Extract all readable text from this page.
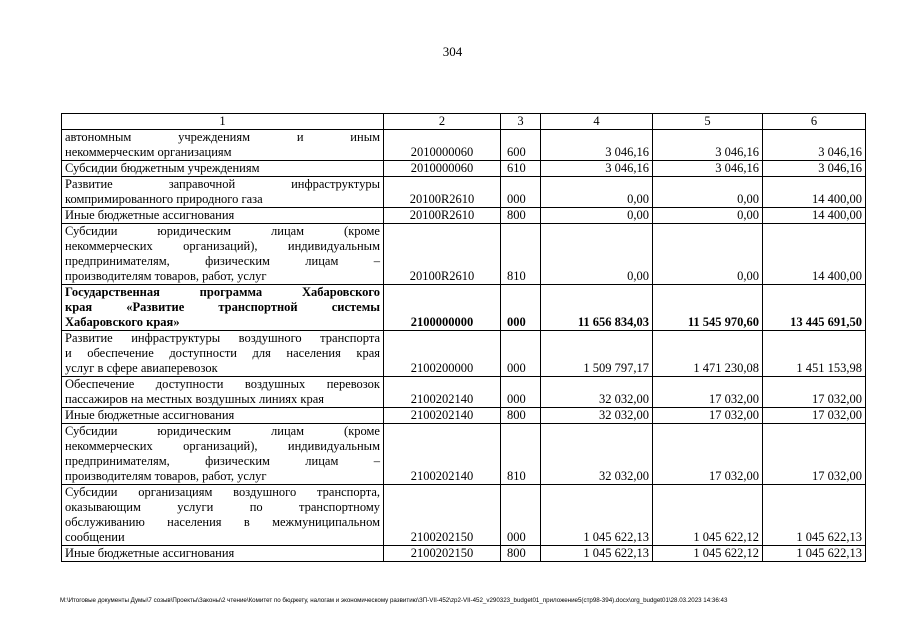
304
1	2	3	4	5	6

автономным учреждениям и иным
некоммерческим организациям	2010000060	600	3 046,16	3 046,16	3 046,16

Субсидии бюджетным учреждениям	2010000060	610	3 046,16	3 046,16	3 046,16

Развитие заправочной инфраструктуры
компримированного природного газа	20100R2610	000	0,00	0,00	14 400,00

Иные бюджетные ассигнования	20100R2610	800	0,00	0,00	14 400,00

Субсидии юридическим лицам (кроме
некоммерческих организаций), индивидуальным
предпринимателям, физическим лицам –
производителям товаров, работ, услуг	20100R2610	810	0,00	0,00	14 400,00

Государственная программа Хабаровского
края «Развитие транспортной системы
Хабаровского края»	2100000000	000	11 656 834,03	11 545 970,60	13 445 691,50

Развитие инфраструктуры воздушного транспорта
и обеспечение доступности для населения края
услуг в сфере авиаперевозок	2100200000	000	1 509 797,17	1 471 230,08	1 451 153,98

Обеспечение доступности воздушных перевозок
пассажиров на местных воздушных линиях края	2100202140	000	32 032,00	17 032,00	17 032,00

Иные бюджетные ассигнования	2100202140	800	32 032,00	17 032,00	17 032,00

Субсидии юридическим лицам (кроме
некоммерческих организаций), индивидуальным
предпринимателям, физическим лицам –
производителям товаров, работ, услуг	2100202140	810	32 032,00	17 032,00	17 032,00

Субсидии организациям воздушного транспорта,
оказывающим услуги по транспортному
обслуживанию населения в межмуниципальном
сообщении	2100202150	000	1 045 622,13	1 045 622,12	1 045 622,13

Иные бюджетные ассигнования	2100202150	800	1 045 622,13	1 045 622,12	1 045 622,13
M:\Итоговые документы Думы\7 созыв\Проекты\Законы\2 чтение\Комитет по бюджету, налогам и экономическому развитию\ЗП-VII-452\zp2-VII-452_v290323_budget01_приложение5(стр98-394).docx\org_budget01\28.03.2023 14:36:43
